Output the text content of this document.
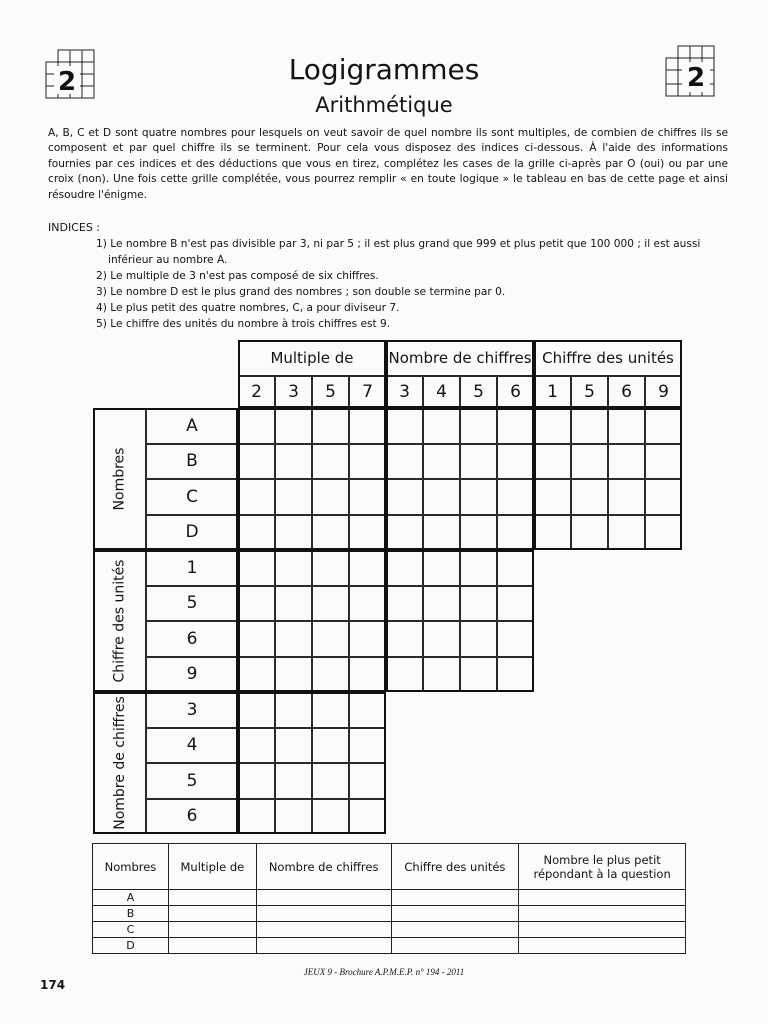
2	2
Logigrammes
Arithmétique

A, B, C et D sont quatre nombres pour lesquels on veut savoir de quel nombre ils sont multiples, de combien de chiffres ils se composent et par quel chiffre ils se terminent. Pour cela vous disposez des indices ci-dessous. À l'aide des informations fournies par ces indices et des déductions que vous en tirez, complétez les cases de la grille ci-après par O (oui) ou par une croix (non). Une fois cette grille complétée, vous pourrez remplir « en toute logique » le tableau en bas de cette page et ainsi résoudre l'énigme.

INDICES :
1) Le nombre B n'est pas divisible par 3, ni par 5 ; il est plus grand que 999 et plus petit que 100 000 ; il est aussi
inférieur au nombre A.
2) Le multiple de 3 n'est pas composé de six chiffres.
3) Le nombre D est le plus grand des nombres ; son double se termine par 0.
4) Le plus petit des quatre nombres, C, a pour diviseur 7.
5) Le chiffre des unités du nombre à trois chiffres est 9.
Multiple de
2	3	5	7
Nombre de chiffres
3	4	5	6
Chiffre des unités
1	5	6	9
Nombres
A
B
C
D
Chiffre des unités	1
5
6
9
Nombre de chiffres	3
4
5
6
Nombres	Multiple de	Nombre de chiffres	Chiffre des unités	Nombre le plus petit répondant à la question
A				
B				
C				
D				
JEUX 9 - Brochure A.P.M.E.P. n° 194 - 2011
174
